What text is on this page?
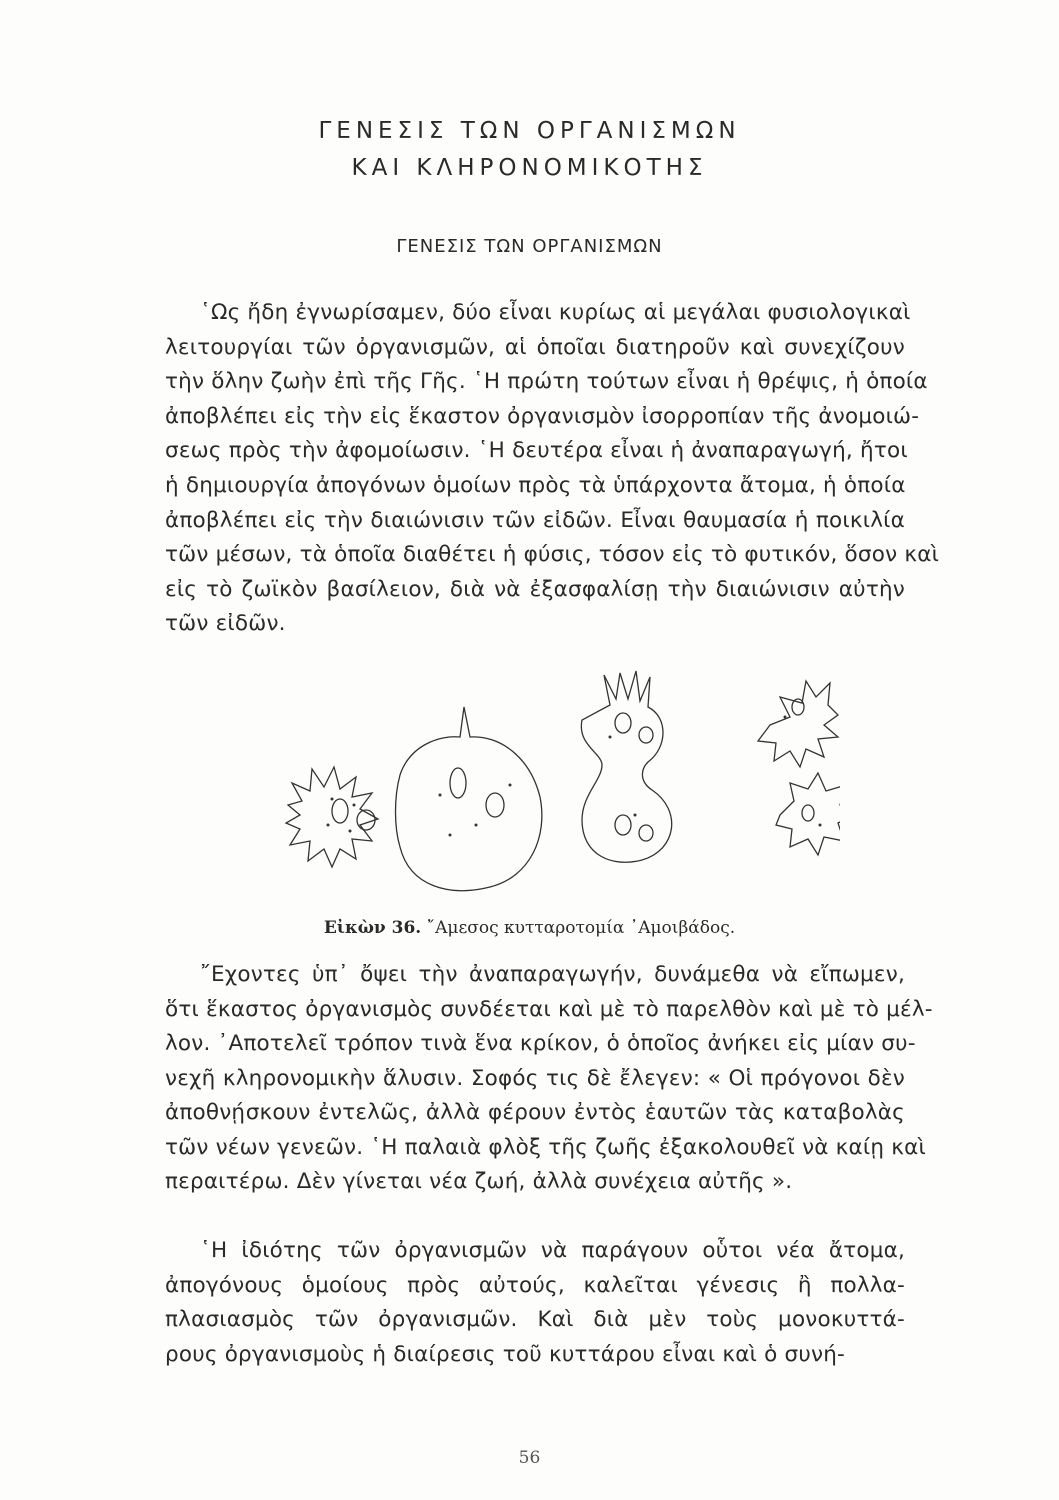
ΓΕΝΕΣΙΣ ΤΩΝ ΟΡΓΑΝΙΣΜΩΝ
ΚΑΙ ΚΛΗΡΟΝΟΜΙΚΟΤΗΣ
ΓΕΝΕΣΙΣ ΤΩΝ ΟΡΓΑΝΙΣΜΩΝ
῾Ως ἤδη ἐγνωρίσαμεν, δύο εἶναι κυρίως αἱ μεγάλαι φυσιολογικαὶ
λειτουργίαι τῶν ὀργανισμῶν, αἱ ὁποῖαι διατηροῦν καὶ συνεχίζουν
τὴν ὅλην ζωὴν ἐπὶ τῆς Γῆς. ῾Η πρώτη τούτων εἶναι ἡ θρέψις, ἡ ὁποία
ἀποβλέπει εἰς τὴν εἰς ἕκαστον ὀργανισμὸν ἰσορροπίαν τῆς ἀνομοιώ-
σεως πρὸς τὴν ἀφομοίωσιν. ῾Η δευτέρα εἶναι ἡ ἀναπαραγωγή, ἤτοι
ἡ δημιουργία ἀπογόνων ὁμοίων πρὸς τὰ ὑπάρχοντα ἄτομα, ἡ ὁποία
ἀποβλέπει εἰς τὴν διαιώνισιν τῶν εἰδῶν. Εἶναι θαυμασία ἡ ποικιλία
τῶν μέσων, τὰ ὁποῖα διαθέτει ἡ φύσις, τόσον εἰς τὸ φυτικόν, ὅσον καὶ
εἰς τὸ ζωϊκὸν βασίλειον, διὰ νὰ ἐξασφαλίσῃ τὴν διαιώνισιν αὐτὴν
τῶν εἰδῶν.
Εἰκὼν 36. ῎Αμεσος κυτταροτομία ᾿Αμοιβάδος.
῎Εχοντες ὑπ᾿ ὄψει τὴν ἀναπαραγωγήν, δυνάμεθα νὰ εἴπωμεν,
ὅτι ἕκαστος ὀργανισμὸς συνδέεται καὶ μὲ τὸ παρελθὸν καὶ μὲ τὸ μέλ-
λον. ᾿Αποτελεῖ τρόπον τινὰ ἕνα κρίκον, ὁ ὁποῖος ἀνήκει εἰς μίαν συ-
νεχῆ κληρονομικὴν ἅλυσιν. Σοφός τις δὲ ἔλεγεν: « Οἱ πρόγονοι δὲν
ἀποθνῄσκουν ἐντελῶς, ἀλλὰ φέρουν ἐντὸς ἑαυτῶν τὰς καταβολὰς
τῶν νέων γενεῶν. ῾Η παλαιὰ φλὸξ τῆς ζωῆς ἐξακολουθεῖ νὰ καίῃ καὶ
περαιτέρω. Δὲν γίνεται νέα ζωή, ἀλλὰ συνέχεια αὐτῆς ».
῾Η ἰδιότης τῶν ὀργανισμῶν νὰ παράγουν οὗτοι νέα ἄτομα,
ἀπογόνους ὁμοίους πρὸς αὐτούς, καλεῖται γένεσις ἢ πολλα-
πλασιασμὸς τῶν ὀργανισμῶν. Καὶ διὰ μὲν τοὺς μονοκυττά-
ρους ὀργανισμοὺς ἡ διαίρεσις τοῦ κυττάρου εἶναι καὶ ὁ συνή-
56
